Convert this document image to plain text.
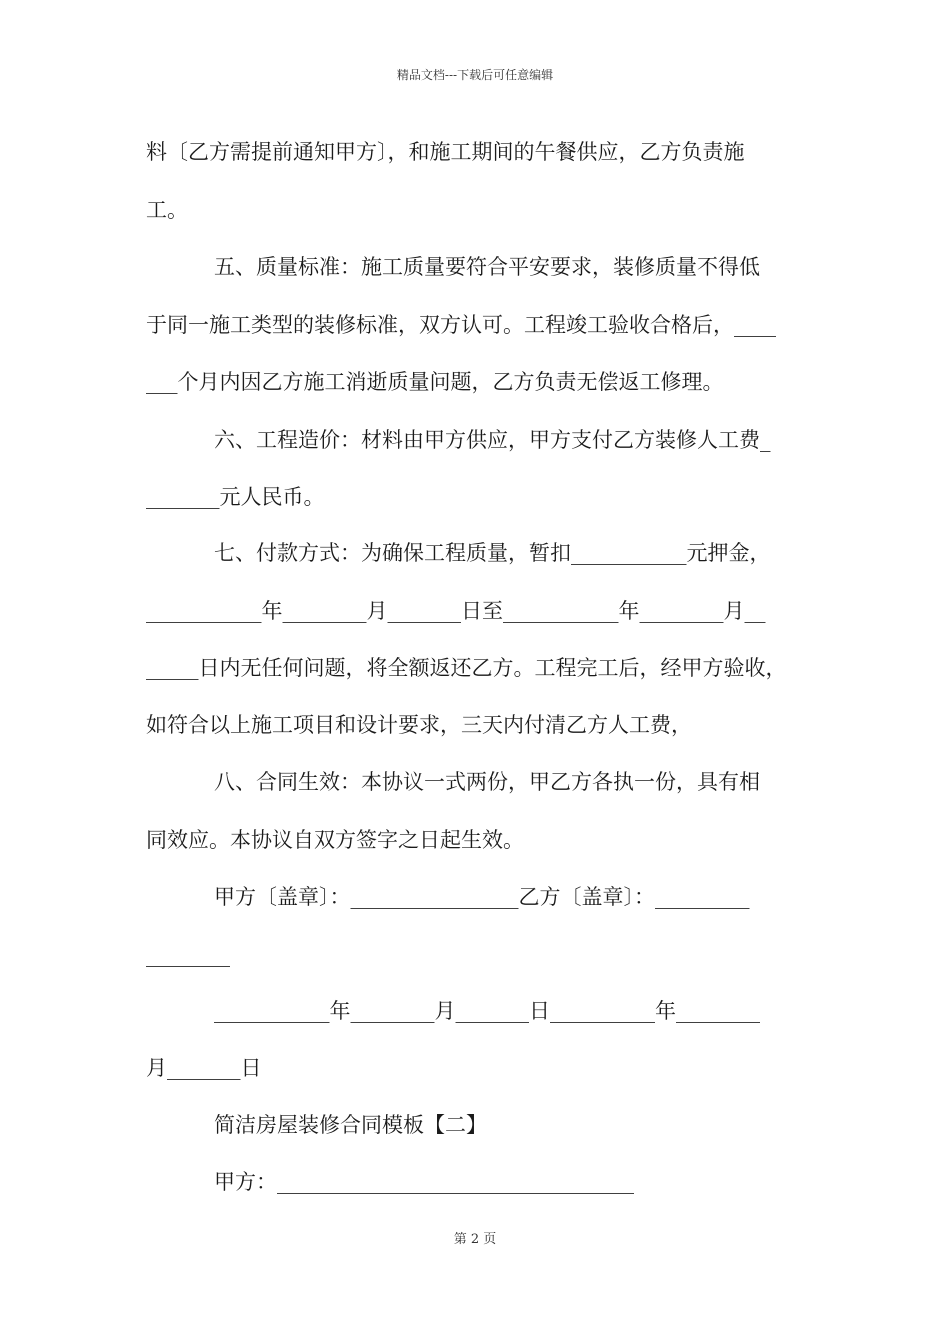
精品文档---下载后可任意编辑
料〔乙方需提前通知甲方〕，和施工期间的午餐供应，乙方负责施
工。
五、质量标准：施工质量要符合平安要求，装修质量不得低
于同一施工类型的装修标准，双方认可。工程竣工验收合格后，____
___个月内因乙方施工消逝质量问题，乙方负责无偿返工修理。
六、工程造价：材料由甲方供应，甲方支付乙方装修人工费_
_______元人民币。
七、付款方式：为确保工程质量，暂扣___________元押金，
___________年________月_______日至___________年________月__
_____日内无任何问题，将全额返还乙方。工程完工后，经甲方验收，
如符合以上施工项目和设计要求，三天内付清乙方人工费，
八、合同生效：本协议一式两份，甲乙方各执一份，具有相
同效应。本协议自双方签字之日起生效。
甲方〔盖章〕：________________乙方〔盖章〕：_________
________
___________年________月_______日__________年________
月_______日
简洁房屋装修合同模板【二】
甲方：__________________________________
第 2 页
